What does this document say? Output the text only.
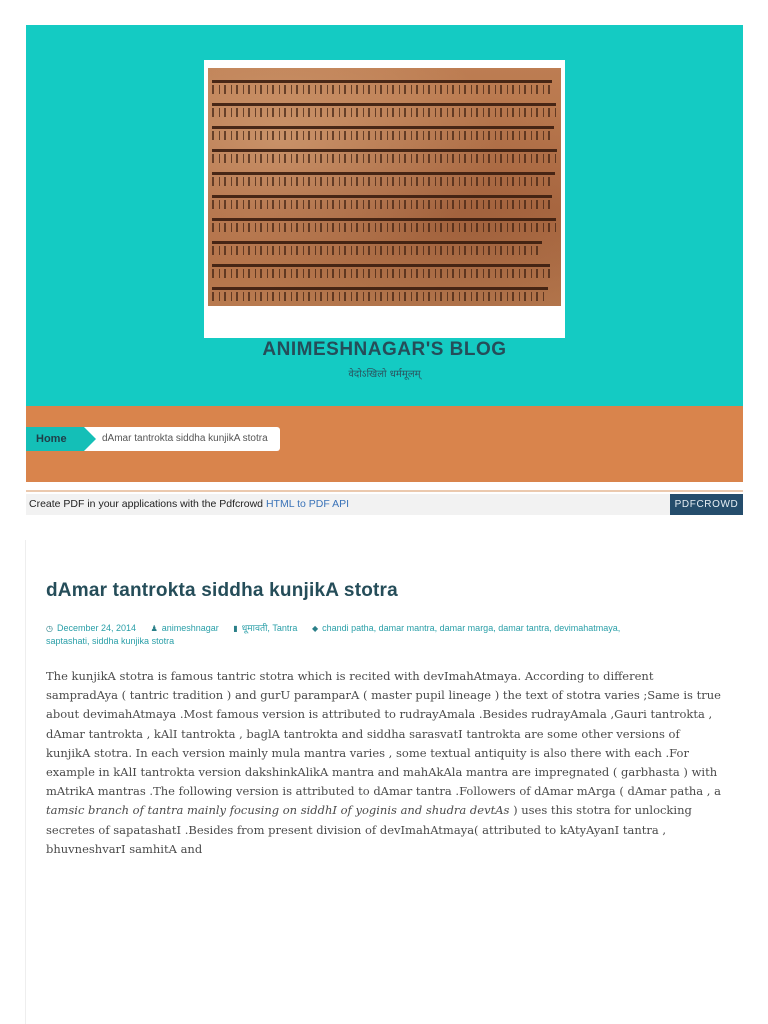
ANIMESHNAGAR'S BLOG
वेदोऽखिलो धर्ममूलम्
Home	dAmar tantrokta siddha kunjikA stotra
Create PDF in your applications with the Pdfcrowd HTML to PDF API	PDFCROWD
dAmar tantrokta siddha kunjikA stotra
◷ December 24, 2014 ♟ animeshnagar ▮ धूमावती, Tantra ◆ chandi patha, damar mantra, damar marga, damar tantra, devimahatmaya,
saptashati, siddha kunjika stotra

The kunjikA stotra is famous tantric stotra which is recited with devImahAtmaya. According to different sampradAya ( tantric tradition ) and gurU paramparA ( master pupil lineage ) the text of stotra varies ;Same is true about devimahAtmaya .Most famous version is attributed to rudrayAmala .Besides rudrayAmala ,Gauri tantrokta , dAmar tantrokta , kAlI tantrokta , baglA tantrokta and siddha sarasvatI tantrokta are some other versions of kunjikA stotra. In each version mainly mula mantra varies , some textual antiquity is also there with each .For example in kAlI tantrokta version dakshinkAlikA mantra and mahAkAla mantra are impregnated ( garbhasta ) with mAtrikA mantras .The following version is attributed to dAmar tantra .Followers of dAmar mArga ( dAmar patha , a tamsic branch of tantra mainly focusing on siddhI of yoginis and shudra devtAs ) uses this stotra for unlocking secretes of sapatashatI .Besides from present division of devImahAtmaya( attributed to kAtyAyanI tantra , bhuvneshvarI samhitA and
